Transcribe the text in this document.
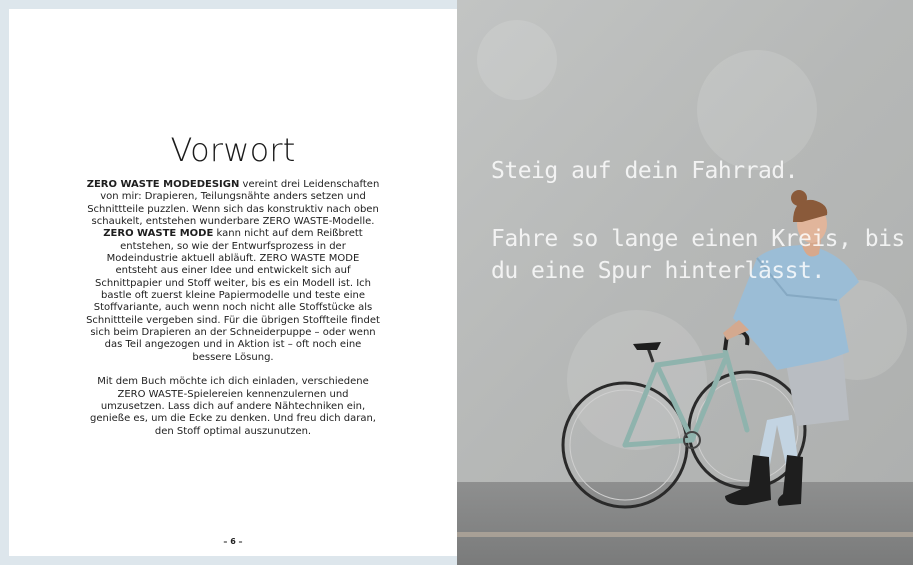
Vorwort

ZERO WASTE MODEDESIGN vereint drei Leidenschaften von mir: Drapieren, Teilungsnähte anders setzen und Schnittteile puzzlen. Wenn sich das konstruktiv nach oben schaukelt, entstehen wunderbare ZERO WASTE-Modelle. ZERO WASTE MODE kann nicht auf dem Reißbrett entstehen, so wie der Entwurfsprozess in der Modeindustrie aktuell abläuft. ZERO WASTE MODE entsteht aus einer Idee und entwickelt sich auf Schnittpapier und Stoff weiter, bis es ein Modell ist. Ich bastle oft zuerst kleine Papiermodelle und teste eine Stoffvariante, auch wenn noch nicht alle Stoffstücke als Schnittteile vergeben sind. Für die übrigen Stoffteile findet sich beim Drapieren an der Schneiderpuppe – oder wenn das Teil angezogen und in Aktion ist – oft noch eine bessere Lösung.

Mit dem Buch möchte ich dich einladen, verschiedene ZERO WASTE-Spielereien kennenzulernen und umzusetzen. Lass dich auf andere Nähtechniken ein, genieße es, um die Ecke zu denken. Und freu dich daran, den Stoff optimal auszunutzen.

– 6 –
Steig auf dein Fahrrad.
Fahre so lange einen Kreis, bis
du eine Spur hinterlässt.
